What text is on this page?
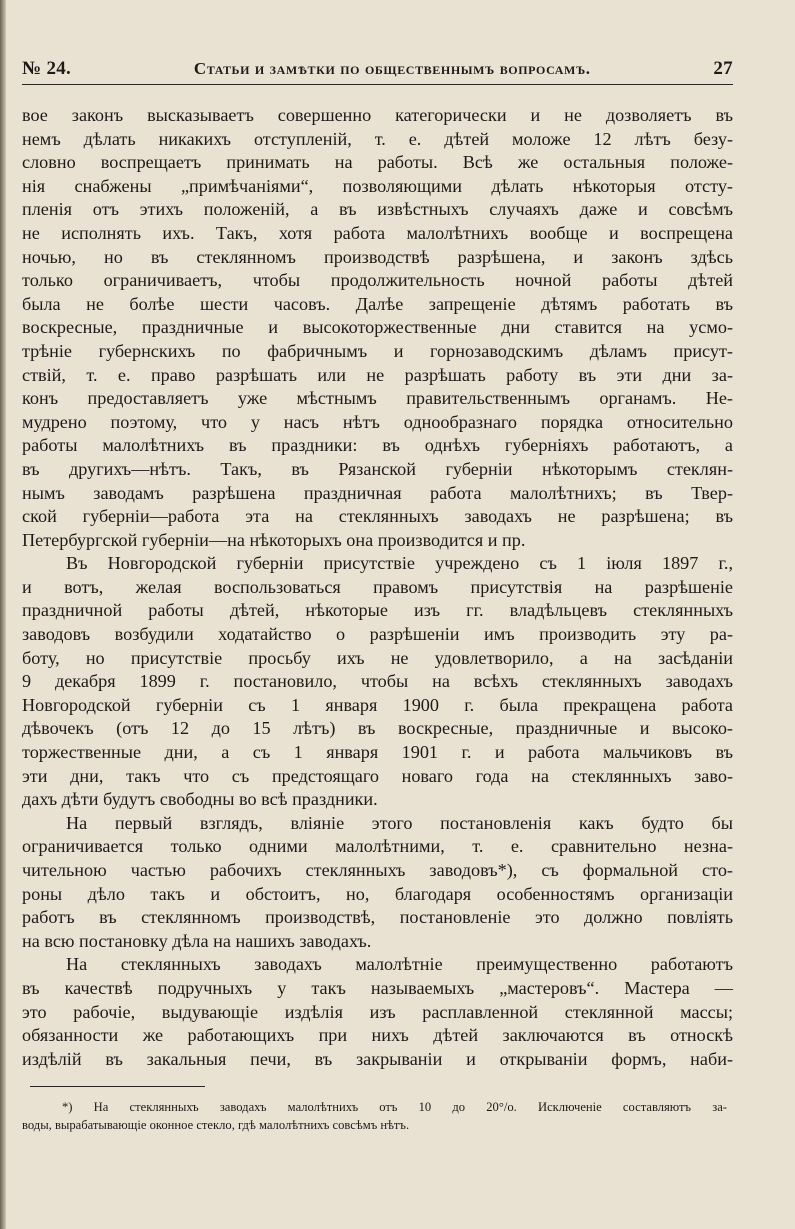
№ 24.	Статьи и замѣтки по общественнымъ вопросамъ.	27

вое законъ высказываетъ совершенно категорически и не дозволяетъ въ
немъ дѣлать никакихъ отступленій, т. е. дѣтей моложе 12 лѣтъ безу-
словно воспрещаетъ принимать на работы. Всѣ же остальныя положе-
нія снабжены „примѣчаніями“, позволяющими дѣлать нѣкоторыя отсту-
пленія отъ этихъ положеній, а въ извѣстныхъ случаяхъ даже и совсѣмъ
не исполнять ихъ. Такъ, хотя работа малолѣтнихъ вообще и воспрещена
ночью, но въ стеклянномъ производствѣ разрѣшена, и законъ здѣсь
только ограничиваетъ, чтобы продолжительность ночной работы дѣтей
была не болѣе шести часовъ. Далѣе запрещеніе дѣтямъ работать въ
воскресные, праздничные и высокоторжественные дни ставится на усмо-
трѣніе губернскихъ по фабричнымъ и горнозаводскимъ дѣламъ присут-
ствій, т. е. право разрѣшать или не разрѣшать работу въ эти дни за-
конъ предоставляетъ уже мѣстнымъ правительственнымъ органамъ. Не-
мудрено поэтому, что у насъ нѣтъ однообразнаго порядка относительно
работы малолѣтнихъ въ праздники: въ однѣхъ губерніяхъ работаютъ, а
въ другихъ—нѣтъ. Такъ, въ Рязанской губерніи нѣкоторымъ стеклян-
нымъ заводамъ разрѣшена праздничная работа малолѣтнихъ; въ Твер-
ской губерніи—работа эта на стеклянныхъ заводахъ не разрѣшена; въ
Петербургской губерніи—на нѣкоторыхъ она производится и пр.

Въ Новгородской губерніи присутствіе учреждено съ 1 іюля 1897 г.,
и вотъ, желая воспользоваться правомъ присутствія на разрѣшеніе
праздничной работы дѣтей, нѣкоторые изъ гг. владѣльцевъ стеклянныхъ
заводовъ возбудили ходатайство о разрѣшеніи имъ производить эту ра-
боту, но присутствіе просьбу ихъ не удовлетворило, а на засѣданіи
9 декабря 1899 г. постановило, чтобы на всѣхъ стеклянныхъ заводахъ
Новгородской губерніи съ 1 января 1900 г. была прекращена работа
дѣвочекъ (отъ 12 до 15 лѣтъ) въ воскресные, праздничные и высоко-
торжественные дни, а съ 1 января 1901 г. и работа мальчиковъ въ
эти дни, такъ что съ предстоящаго новаго года на стеклянныхъ заво-
дахъ дѣти будутъ свободны во всѣ праздники.

На первый взглядъ, вліяніе этого постановленія какъ будто бы
ограничивается только одними малолѣтними, т. е. сравнительно незна-
чительною частью рабочихъ стеклянныхъ заводовъ*), съ формальной сто-
роны дѣло такъ и обстоитъ, но, благодаря особенностямъ организаціи
работъ въ стеклянномъ производствѣ, постановленіе это должно повліять
на всю постановку дѣла на нашихъ заводахъ.

На стеклянныхъ заводахъ малолѣтніе преимущественно работаютъ
въ качествѣ подручныхъ у такъ называемыхъ „мастеровъ“. Мастера —
это рабочіе, выдувающіе издѣлія изъ расплавленной стеклянной массы;
обязанности же работающихъ при нихъ дѣтей заключаются въ относкѣ
издѣлій въ закальныя печи, въ закрываніи и открываніи формъ, наби-

*) На стеклянныхъ заводахъ малолѣтнихъ отъ 10 до 20°/о. Исключеніе составляютъ за-
воды, вырабатывающіе оконное стекло, гдѣ малолѣтнихъ совсѣмъ нѣтъ.
